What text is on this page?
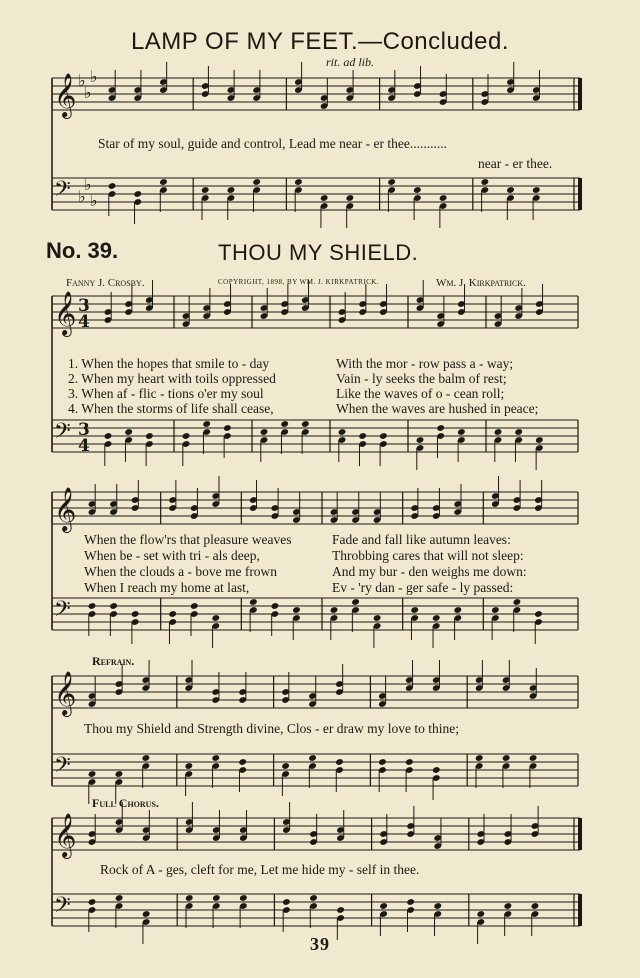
𝄞 ♭
♭
♭
𝄢 ♭
♭
♭
𝄞 3
4
𝄢 3
4
𝄞
𝄢
𝄞
𝄢
𝄞
𝄢
LAMP OF MY FEET.—Concluded.
rit. ad lib.
Star of my soul, guide and control, Lead me near - er thee...........
near - er thee.
No. 39.	THOU MY SHIELD.
Fanny J. Crosby.	COPYRIGHT, 1898, BY WM. J. KIRKPATRICK.	Wm. J. Kirkpatrick.
1. When the hopes that smile to - day	With the mor - row pass a - way;
2. When my heart with toils oppressed	Vain - ly seeks the balm of rest;
3. When af - flic - tions o'er my soul	Like the waves of o - cean roll;
4. When the storms of life shall cease,	When the waves are hushed in peace;
When the flow'rs that pleasure weaves	Fade and fall like autumn leaves:
When be - set with tri - als deep,	Throbbing cares that will not sleep:
When the clouds a - bove me frown	And my bur - den weighs me down:
When I reach my home at last,	Ev - 'ry dan - ger safe - ly passed:
Refrain.
Thou my Shield and Strength divine, Clos - er draw my love to thine;
Full Chorus.
Rock of A - ges, cleft for me, Let me hide my - self in thee.
39
